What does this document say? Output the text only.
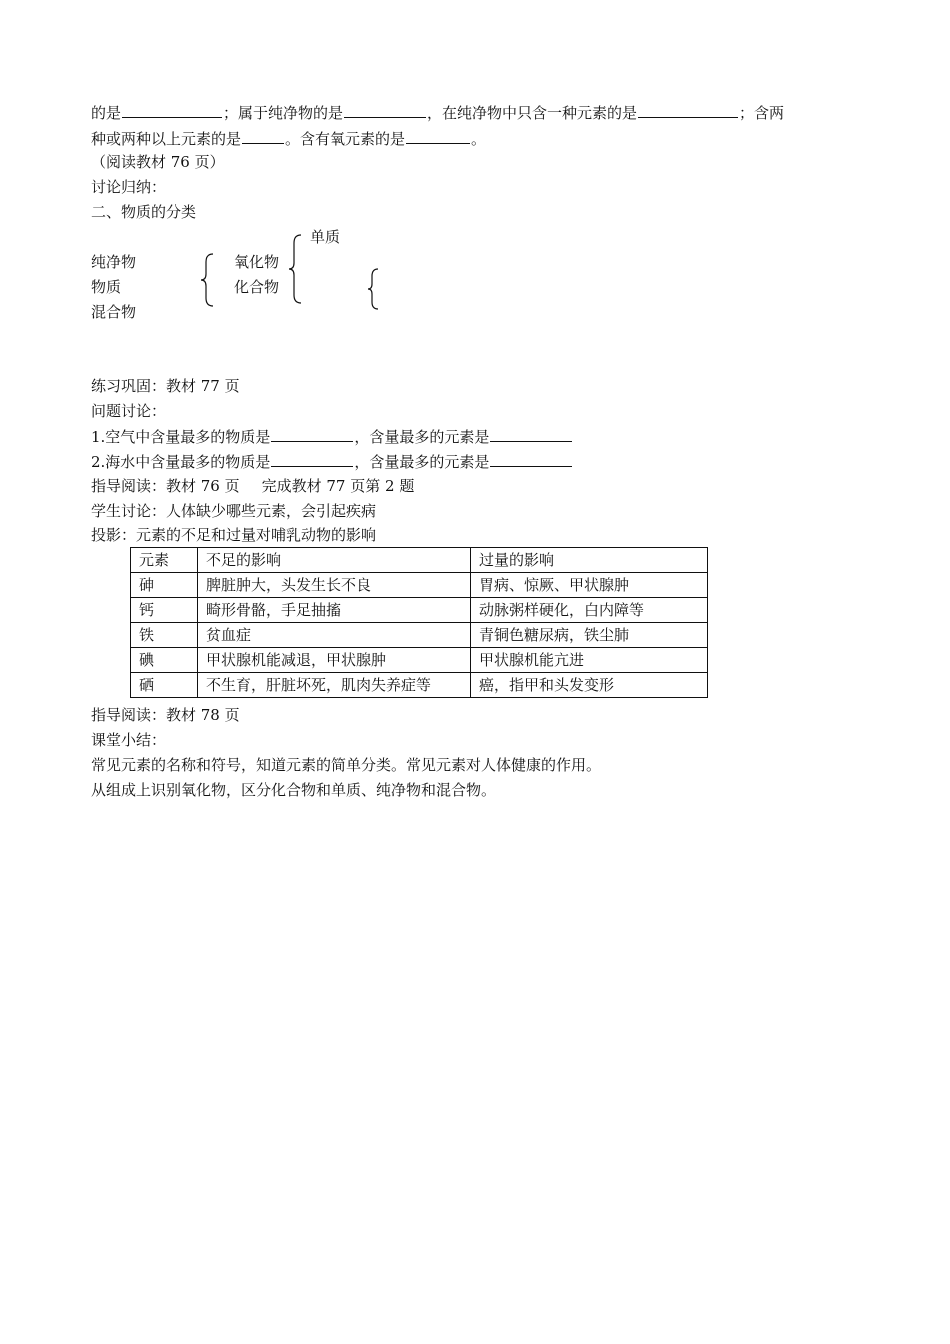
的是	；属于纯净物的是	，在纯净物中只含一种元素的是	；含两
种或两种以上元素的是	。含有氧元素的是	。
（阅读教材 76 页）
讨论归纳：
二、物质的分类
单质
纯净物	氧化物
物质	化合物
混合物
练习巩固：教材 77 页
问题讨论：
1.空气中含量最多的物质是	，含量最多的元素是
2.海水中含量最多的物质是	，含量最多的元素是
指导阅读：教材 76 页 完成教材 77 页第 2 题
学生讨论：人体缺少哪些元素，会引起疾病
投影：元素的不足和过量对哺乳动物的影响
元素	不足的影响	过量的影响
砷	脾脏肿大，头发生长不良	胃病、惊厥、甲状腺肿
钙	畸形骨骼，手足抽搐	动脉粥样硬化，白内障等
铁	贫血症	青铜色糖尿病，铁尘肺
碘	甲状腺机能减退，甲状腺肿	甲状腺机能亢进
硒	不生育，肝脏坏死，肌肉失养症等	癌，指甲和头发变形
指导阅读：教材 78 页
课堂小结：
常见元素的名称和符号，知道元素的简单分类。常见元素对人体健康的作用。
从组成上识别氧化物，区分化合物和单质、纯净物和混合物。
